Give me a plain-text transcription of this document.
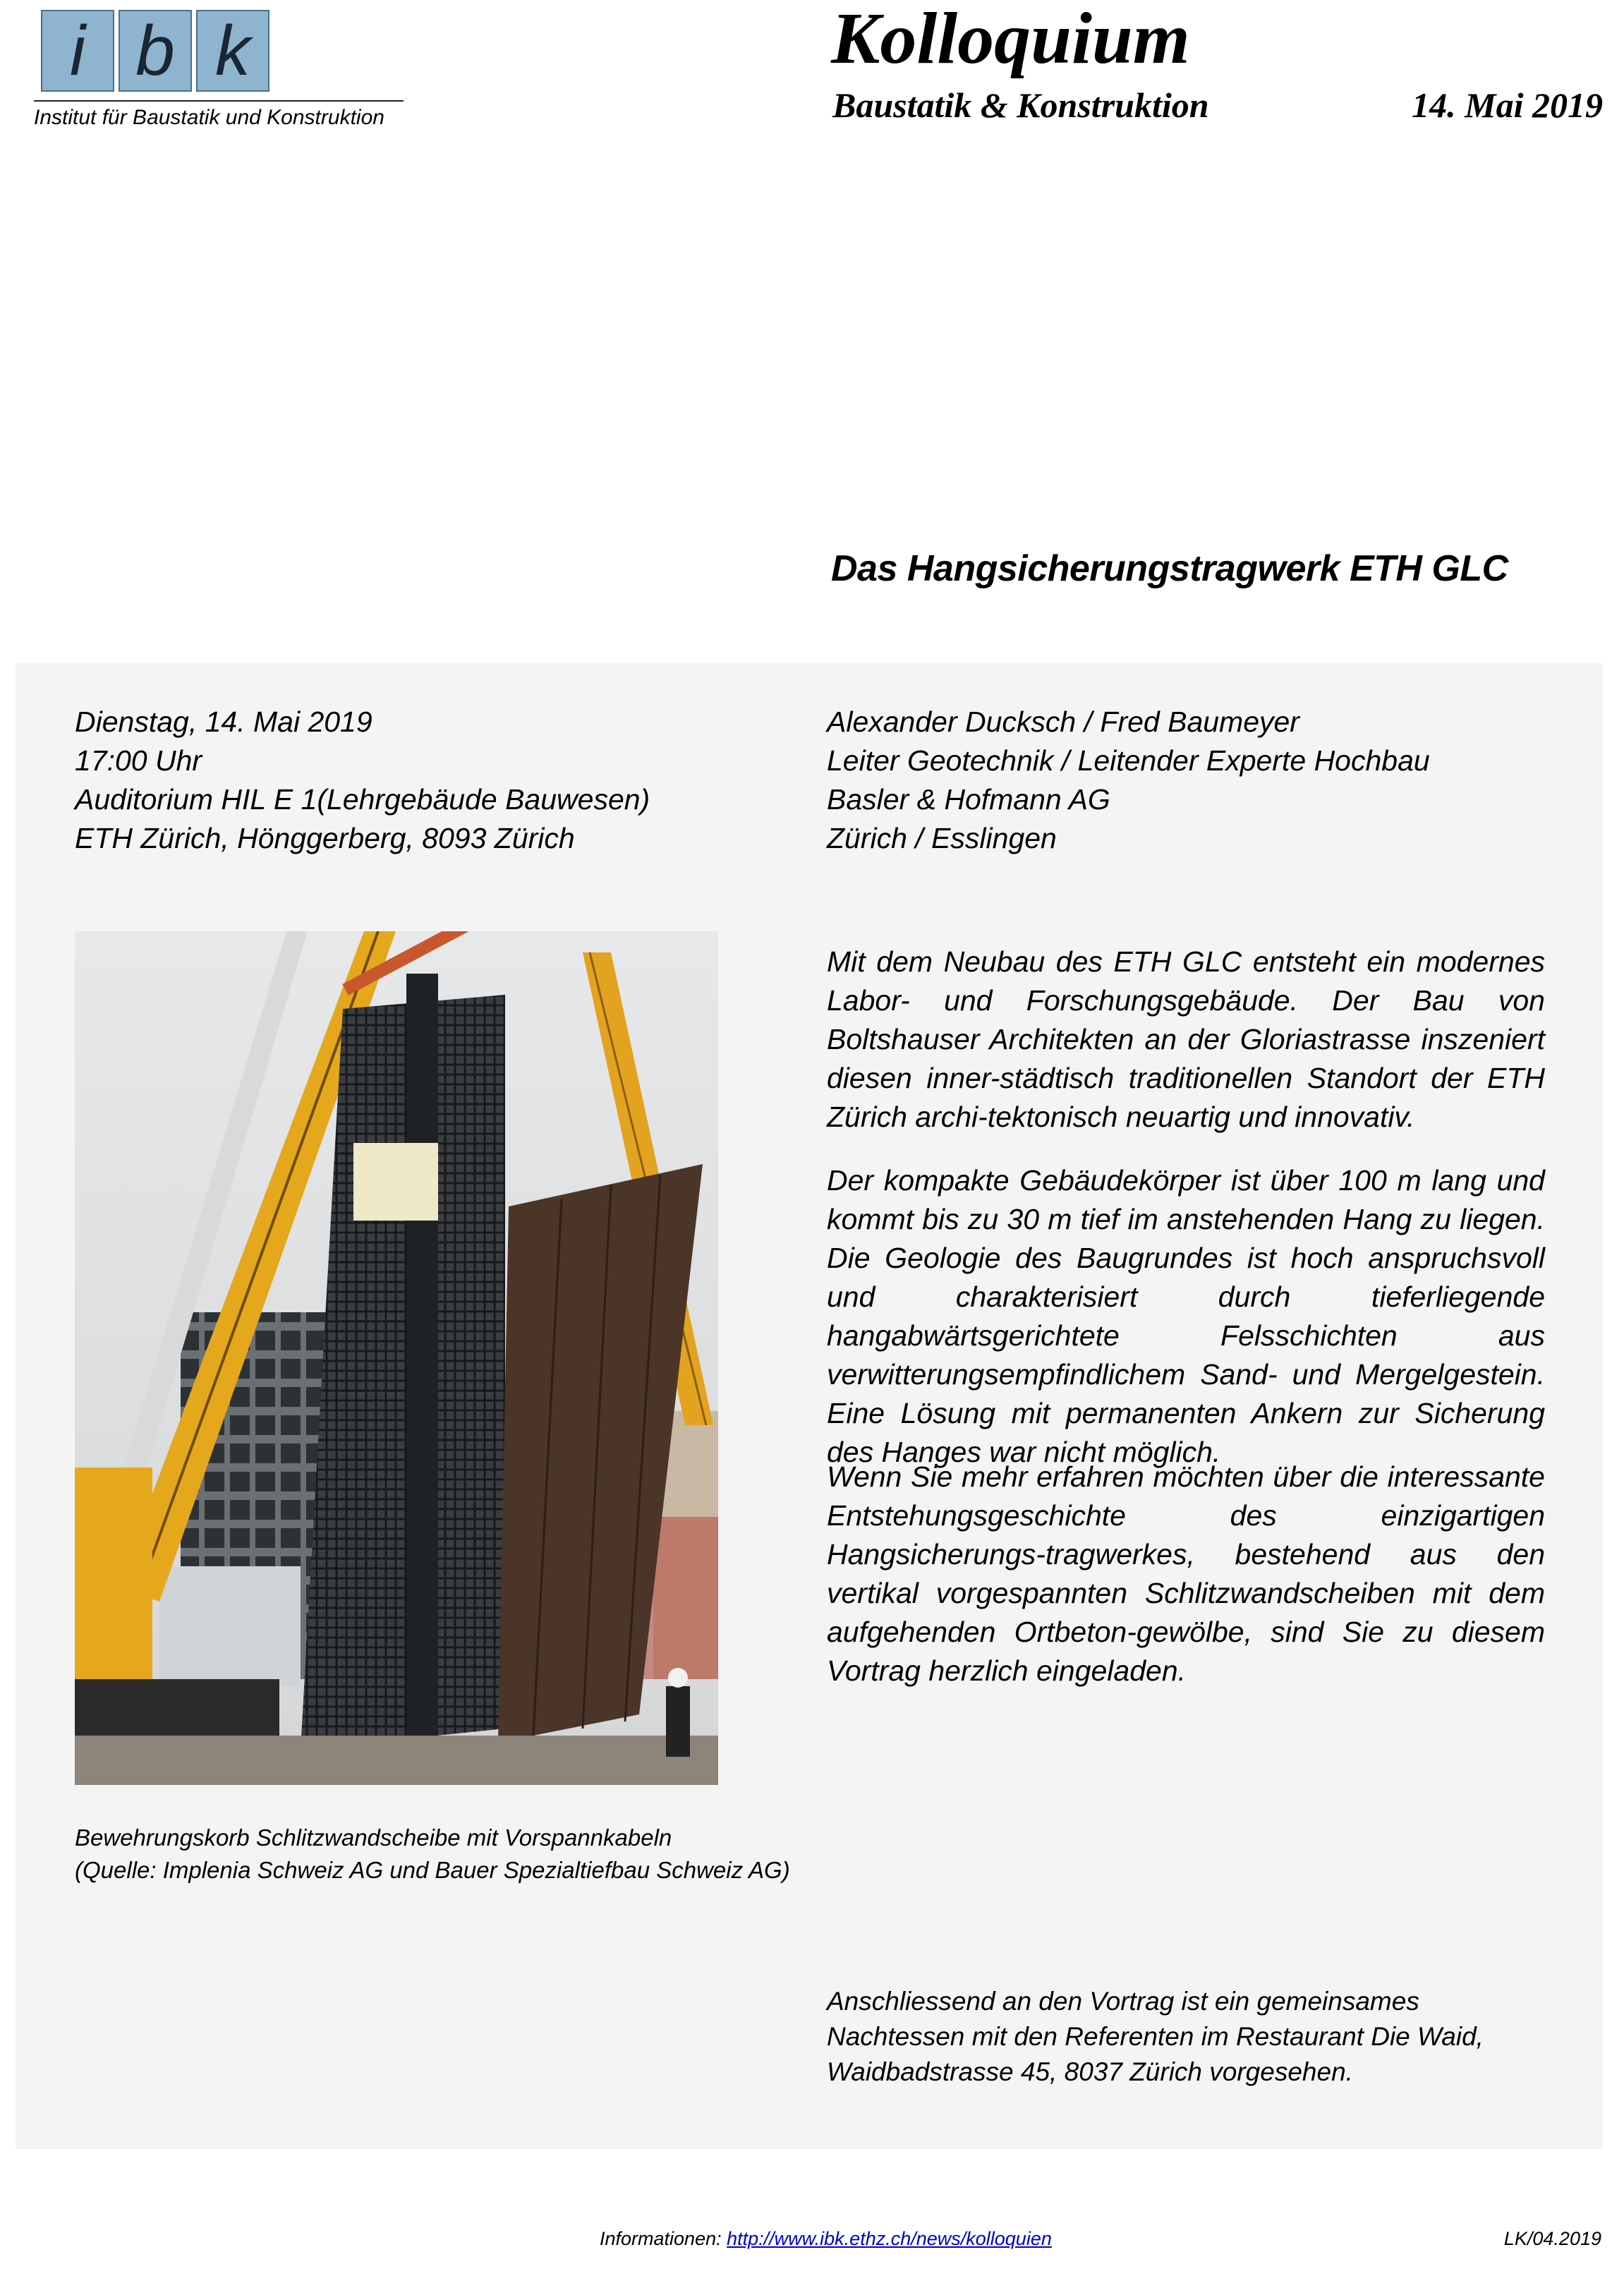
i b k
Institut für Baustatik und Konstruktion
Kolloquium
Baustatik & Konstruktion	14. Mai 2019
Das Hangsicherungstragwerk ETH GLC
Dienstag, 14. Mai 2019
17:00 Uhr
Auditorium HIL E 1(Lehrgebäude Bauwesen)
ETH Zürich, Hönggerberg, 8093 Zürich
Alexander Ducksch / Fred Baumeyer
Leiter Geotechnik / Leitender Experte Hochbau
Basler & Hofmann AG
Zürich / Esslingen
Bewehrungskorb Schlitzwandscheibe mit Vorspannkabeln
(Quelle: Implenia Schweiz AG und Bauer Spezialtiefbau Schweiz AG)
Mit dem Neubau des ETH GLC entsteht ein modernes Labor- und Forschungsgebäude. Der Bau von Boltshauser Architekten an der Gloriastrasse inszeniert diesen inner-städtisch traditionellen Standort der ETH Zürich archi-tektonisch neuartig und innovativ.
Der kompakte Gebäudekörper ist über 100 m lang und kommt bis zu 30 m tief im anstehenden Hang zu liegen. Die Geologie des Baugrundes ist hoch anspruchsvoll und charakterisiert durch tieferliegende hangabwärtsgerichtete Felsschichten aus verwitterungsempfindlichem Sand- und Mergelgestein. Eine Lösung mit permanenten Ankern zur Sicherung des Hanges war nicht möglich.
Wenn Sie mehr erfahren möchten über die interessante Entstehungsgeschichte des einzigartigen Hangsicherungs-tragwerkes, bestehend aus den vertikal vorgespannten Schlitzwandscheiben mit dem aufgehenden Ortbeton-gewölbe, sind Sie zu diesem Vortrag herzlich eingeladen.
Anschliessend an den Vortrag ist ein gemeinsames Nachtessen mit den Referenten im Restaurant Die Waid, Waidbadstrasse 45, 8037 Zürich vorgesehen.
Informationen: http://www.ibk.ethz.ch/news/kolloquien	LK/04.2019
